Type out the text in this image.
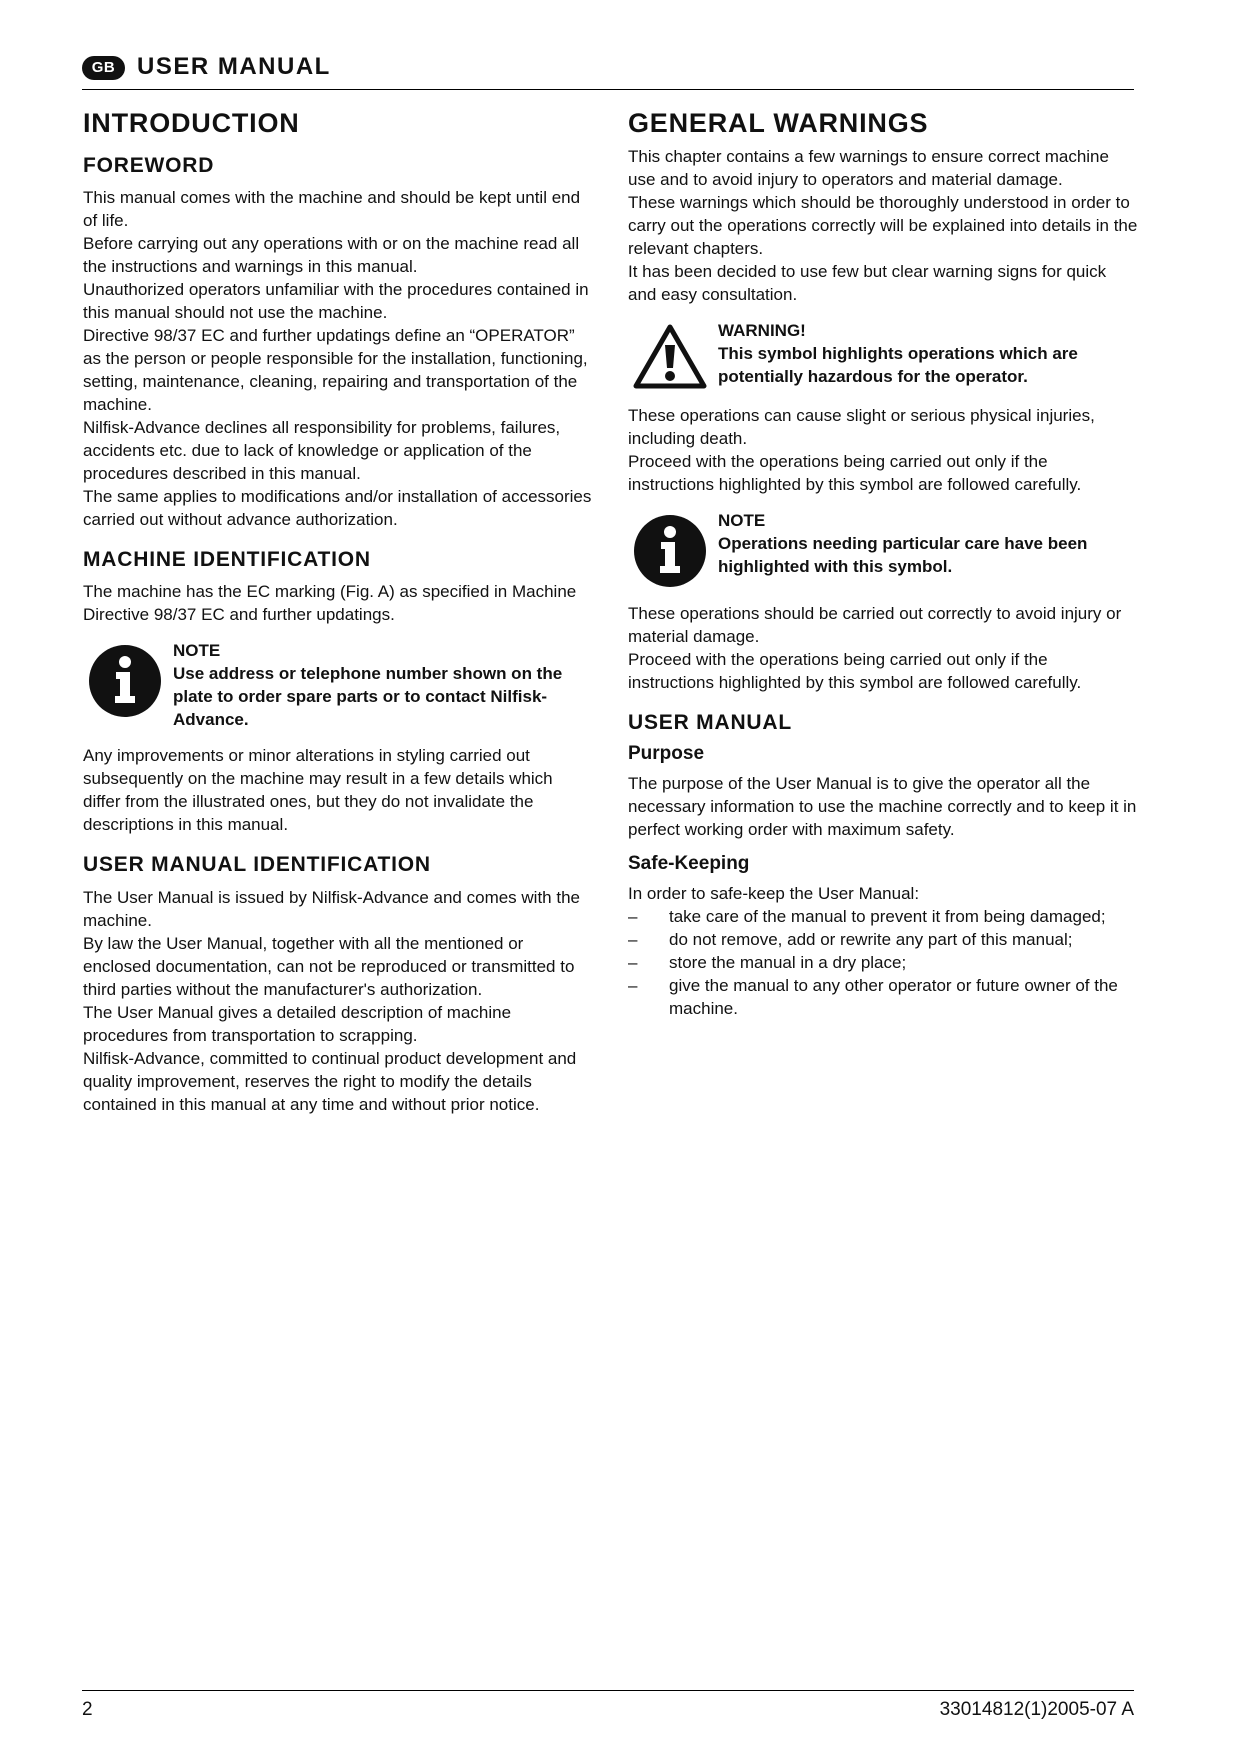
GB USER MANUAL
INTRODUCTION
FOREWORD

This manual comes with the machine and should be kept until end of life.
Before carrying out any operations with or on the machine read all the instructions and warnings in this manual.
Unauthorized operators unfamiliar with the procedures contained in this manual should not use the machine.
Directive 98/37 EC and further updatings define an “OPERATOR” as the person or people responsible for the installation, functioning, setting, maintenance, cleaning, repairing and transportation of the machine.
Nilfisk-Advance declines all responsibility for problems, failures, accidents etc. due to lack of knowledge or application of the procedures described in this manual.
The same applies to modifications and/or installation of accessories carried out without advance authorization.

MACHINE IDENTIFICATION

The machine has the EC marking (Fig. A) as specified in Machine Directive 98/37 EC and further updatings.

NOTE
Use address or telephone number shown on the plate to order spare parts or to contact Nilfisk-Advance.

Any improvements or minor alterations in styling carried out subsequently on the machine may result in a few details which differ from the illustrated ones, but they do not invalidate the descriptions in this manual.

USER MANUAL IDENTIFICATION

The User Manual is issued by Nilfisk-Advance and comes with the machine.
By law the User Manual, together with all the mentioned or enclosed documentation, can not be reproduced or transmitted to third parties without the manufacturer's authorization.
The User Manual gives a detailed description of machine procedures from transportation to scrapping.
Nilfisk-Advance, committed to continual product development and quality improvement, reserves the right to modify the details contained in this manual at any time and without prior notice.

GENERAL WARNINGS

This chapter contains a few warnings to ensure correct machine use and to avoid injury to operators and material damage.
These warnings which should be thoroughly understood in order to carry out the operations correctly will be explained into details in the relevant chapters.
It has been decided to use few but clear warning signs for quick and easy consultation.

WARNING!
This symbol highlights operations which are potentially hazardous for the operator.

These operations can cause slight or serious physical injuries, including death.
Proceed with the operations being carried out only if the instructions highlighted by this symbol are followed carefully.

NOTE
Operations needing particular care have been highlighted with this symbol.

These operations should be carried out correctly to avoid injury or material damage.
Proceed with the operations being carried out only if the instructions highlighted by this symbol are followed carefully.

USER MANUAL
Purpose

The purpose of the User Manual is to give the operator all the necessary information to use the machine correctly and to keep it in perfect working order with maximum safety.

Safe-Keeping

In order to safe-keep the User Manual:

– take care of the manual to prevent it from being damaged;
– do not remove, add or rewrite any part of this manual;
– store the manual in a dry place;
– give the manual to any other operator or future owner of the machine.
2	33014812(1)2005-07 A
